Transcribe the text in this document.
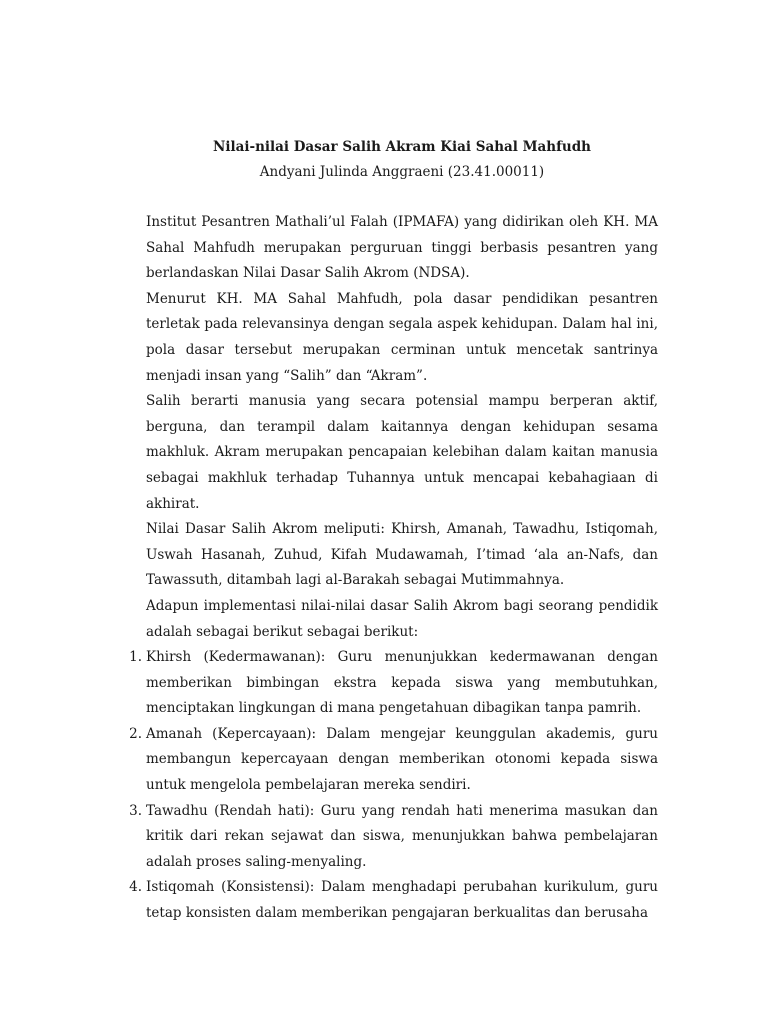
Nilai-nilai Dasar Salih Akram Kiai Sahal Mahfudh
Andyani Julinda Anggraeni (23.41.00011)

Institut Pesantren Mathali’ul Falah (IPMAFA) yang didirikan oleh KH. MA Sahal Mahfudh merupakan perguruan tinggi berbasis pesantren yang berlandaskan Nilai Dasar Salih Akrom (NDSA).

Menurut KH. MA Sahal Mahfudh, pola dasar pendidikan pesantren terletak pada relevansinya dengan segala aspek kehidupan. Dalam hal ini, pola dasar tersebut merupakan cerminan untuk mencetak santrinya menjadi insan yang “Salih” dan “Akram”.

Salih berarti manusia yang secara potensial mampu berperan aktif, berguna, dan terampil dalam kaitannya dengan kehidupan sesama makhluk. Akram merupakan pencapaian kelebihan dalam kaitan manusia sebagai makhluk terhadap Tuhannya untuk mencapai kebahagiaan di akhirat.

Nilai Dasar Salih Akrom meliputi: Khirsh, Amanah, Tawadhu, Istiqomah, Uswah Hasanah, Zuhud, Kifah Mudawamah, I’timad ‘ala an-Nafs, dan Tawassuth, ditambah lagi al-Barakah sebagai Mutimmahnya.

Adapun implementasi nilai-nilai dasar Salih Akrom bagi seorang pendidik adalah sebagai berikut sebagai berikut:

1. Khirsh (Kedermawanan): Guru menunjukkan kedermawanan dengan memberikan bimbingan ekstra kepada siswa yang membutuhkan, menciptakan lingkungan di mana pengetahuan dibagikan tanpa pamrih.
2. Amanah (Kepercayaan): Dalam mengejar keunggulan akademis, guru membangun kepercayaan dengan memberikan otonomi kepada siswa untuk mengelola pembelajaran mereka sendiri.
3. Tawadhu (Rendah hati): Guru yang rendah hati menerima masukan dan kritik dari rekan sejawat dan siswa, menunjukkan bahwa pembelajaran adalah proses saling-menyaling.
4. Istiqomah (Konsistensi): Dalam menghadapi perubahan kurikulum, guru tetap konsisten dalam memberikan pengajaran berkualitas dan berusaha
